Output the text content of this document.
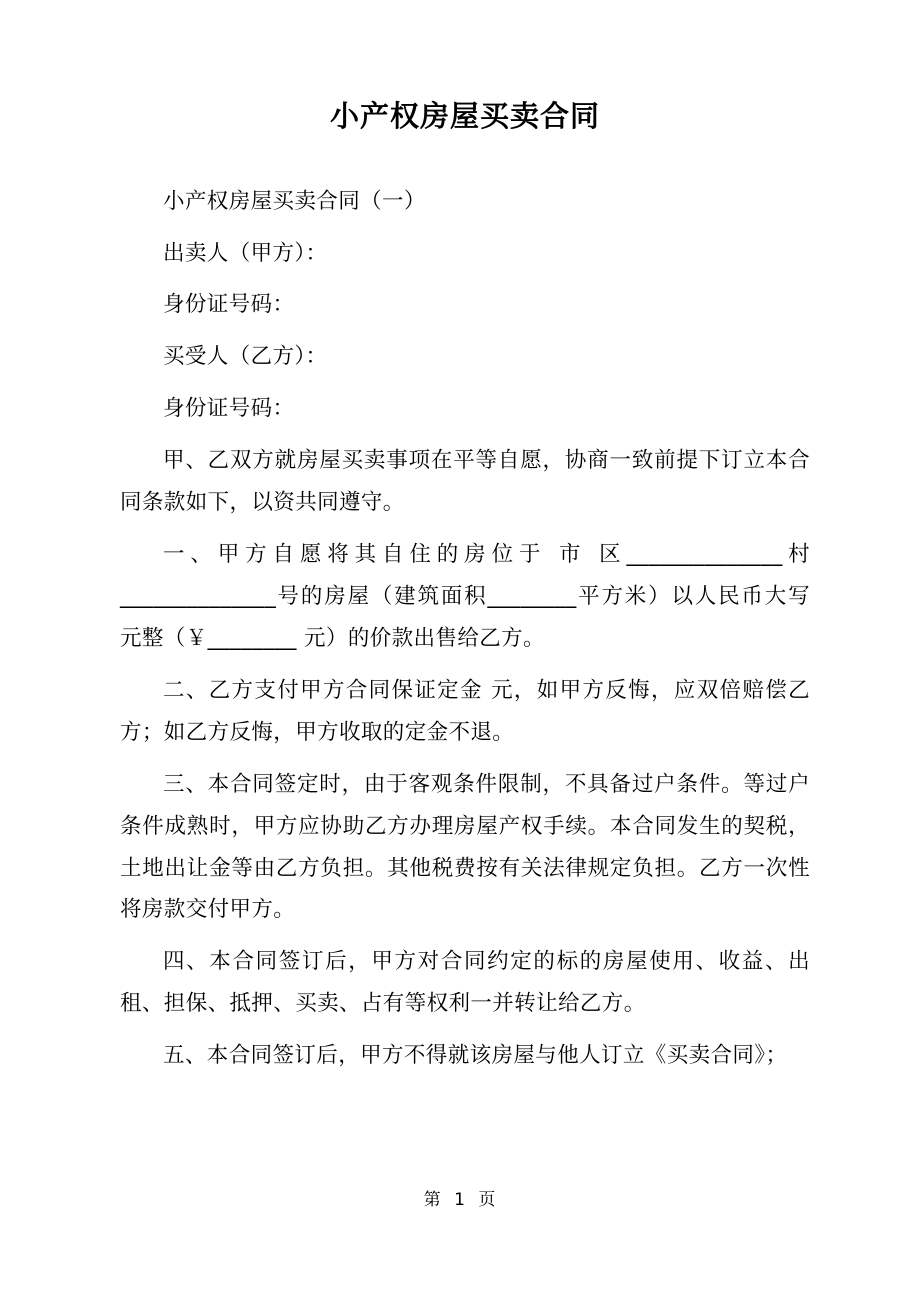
小产权房屋买卖合同

小产权房屋买卖合同（一）

出卖人（甲方）：

身份证号码：

买受人（乙方）：

身份证号码：

甲、乙双方就房屋买卖事项在平等自愿，协商一致前提下订立本合同条款如下，以资共同遵守。

一、甲方自愿将其自住的房位于 市 区______________村______________号的房屋（建筑面积________平方米）以人民币大写 元整（￥________ 元）的价款出售给乙方。

二、乙方支付甲方合同保证定金 元，如甲方反悔，应双倍赔偿乙方；如乙方反悔，甲方收取的定金不退。

三、本合同签定时，由于客观条件限制，不具备过户条件。等过户条件成熟时，甲方应协助乙方办理房屋产权手续。本合同发生的契税，土地出让金等由乙方负担。其他税费按有关法律规定负担。乙方一次性将房款交付甲方。

四、本合同签订后，甲方对合同约定的标的房屋使用、收益、出租、担保、抵押、买卖、占有等权利一并转让给乙方。

五、本合同签订后，甲方不得就该房屋与他人订立《买卖合同》；

第 1 页
